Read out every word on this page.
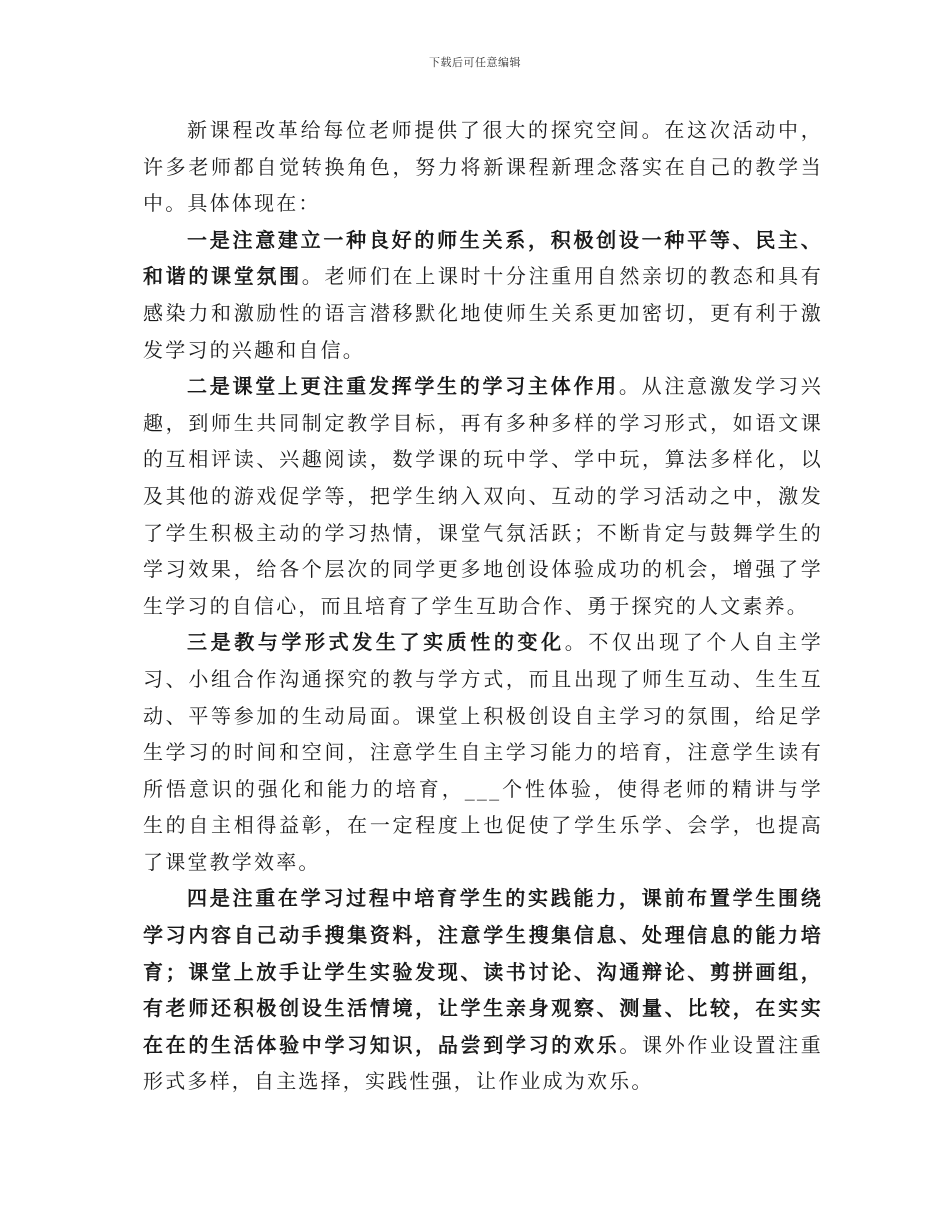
下载后可任意编辑

新课程改革给每位老师提供了很大的探究空间。在这次活动中，许多老师都自觉转换角色，努力将新课程新理念落实在自己的教学当中。具体体现在：

一是注意建立一种良好的师生关系，积极创设一种平等、民主、和谐的课堂氛围。老师们在上课时十分注重用自然亲切的教态和具有感染力和激励性的语言潜移默化地使师生关系更加密切，更有利于激发学习的兴趣和自信。

二是课堂上更注重发挥学生的学习主体作用。从注意激发学习兴趣，到师生共同制定教学目标，再有多种多样的学习形式，如语文课的互相评读、兴趣阅读，数学课的玩中学、学中玩，算法多样化，以及其他的游戏促学等，把学生纳入双向、互动的学习活动之中，激发了学生积极主动的学习热情，课堂气氛活跃；不断肯定与鼓舞学生的学习效果，给各个层次的同学更多地创设体验成功的机会，增强了学生学习的自信心，而且培育了学生互助合作、勇于探究的人文素养。

三是教与学形式发生了实质性的变化。不仅出现了个人自主学习、小组合作沟通探究的教与学方式，而且出现了师生互动、生生互动、平等参加的生动局面。课堂上积极创设自主学习的氛围，给足学生学习的时间和空间，注意学生自主学习能力的培育，注意学生读有所悟意识的强化和能力的培育，___个性体验，使得老师的精讲与学生的自主相得益彰，在一定程度上也促使了学生乐学、会学，也提高了课堂教学效率。

四是注重在学习过程中培育学生的实践能力，课前布置学生围绕学习内容自己动手搜集资料，注意学生搜集信息、处理信息的能力培育；课堂上放手让学生实验发现、读书讨论、沟通辩论、剪拼画组，有老师还积极创设生活情境，让学生亲身观察、测量、比较，在实实在在的生活体验中学习知识，品尝到学习的欢乐。课外作业设置注重形式多样，自主选择，实践性强，让作业成为欢乐。
